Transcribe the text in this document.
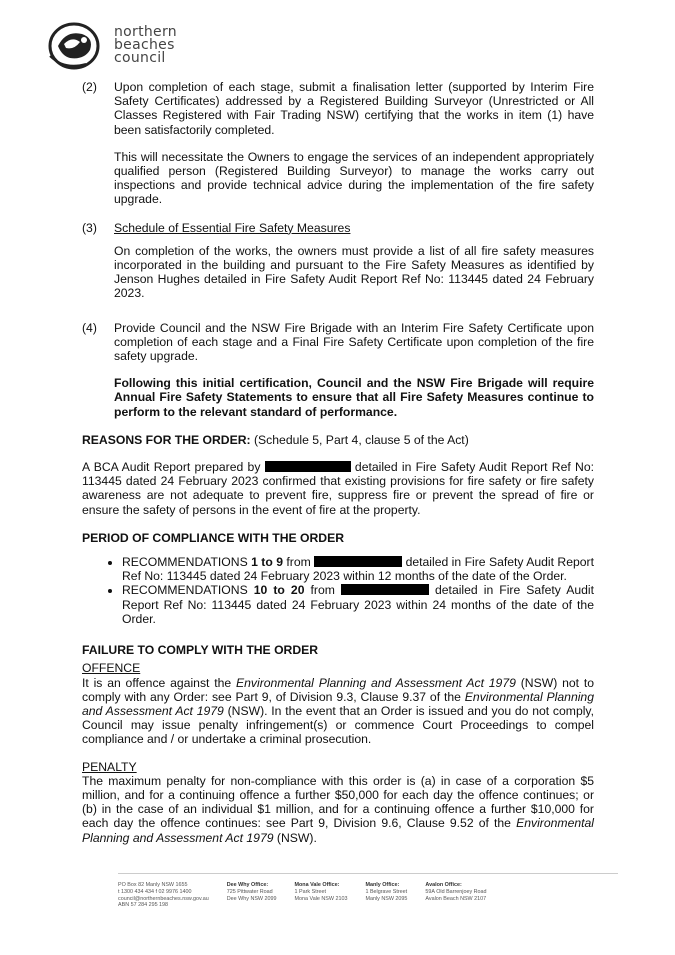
northern
beaches
council
(2)	Upon completion of each stage, submit a finalisation letter (supported by Interim Fire Safety Certificates) addressed by a Registered Building Surveyor (Unrestricted or All Classes Registered with Fair Trading NSW) certifying that the works in item (1) have been satisfactorily completed.

This will necessitate the Owners to engage the services of an independent appropriately qualified person (Registered Building Surveyor) to manage the works carry out inspections and provide technical advice during the implementation of the fire safety upgrade.

(3)	Schedule of Essential Fire Safety Measures

On completion of the works, the owners must provide a list of all fire safety measures incorporated in the building and pursuant to the Fire Safety Measures as identified by Jenson Hughes detailed in Fire Safety Audit Report Ref No: 113445 dated 24 February 2023.

(4)	Provide Council and the NSW Fire Brigade with an Interim Fire Safety Certificate upon completion of each stage and a Final Fire Safety Certificate upon completion of the fire safety upgrade.

Following this initial certification, Council and the NSW Fire Brigade will require Annual Fire Safety Statements to ensure that all Fire Safety Measures continue to perform to the relevant standard of performance.

REASONS FOR THE ORDER: (Schedule 5, Part 4, clause 5 of the Act)

A BCA Audit Report prepared by	detailed in Fire Safety Audit Report Ref No: 113445 dated 24 February 2023 confirmed that existing provisions for fire safety or fire safety awareness are not adequate to prevent fire, suppress fire or prevent the spread of fire or ensure the safety of persons in the event of fire at the property.

PERIOD OF COMPLIANCE WITH THE ORDER

• RECOMMENDATIONS 1 to 9 from	detailed in Fire Safety Audit Report Ref No: 113445 dated 24 February 2023 within 12 months of the date of the Order.
• RECOMMENDATIONS 10 to 20 from	detailed in Fire Safety Audit Report Ref No: 113445 dated 24 February 2023 within 24 months of the date of the Order.

FAILURE TO COMPLY WITH THE ORDER

OFFENCE

It is an offence against the Environmental Planning and Assessment Act 1979 (NSW) not to comply with any Order: see Part 9, of Division 9.3, Clause 9.37 of the Environmental Planning and Assessment Act 1979 (NSW). In the event that an Order is issued and you do not comply, Council may issue penalty infringement(s) or commence Court Proceedings to compel compliance and / or undertake a criminal prosecution.

PENALTY

The maximum penalty for non-compliance with this order is (a) in case of a corporation $5 million, and for a continuing offence a further $50,000 for each day the offence continues; or (b) in the case of an individual $1 million, and for a continuing offence a further $10,000 for each day the offence continues: see Part 9, Division 9.6, Clause 9.52 of the Environmental Planning and Assessment Act 1979 (NSW).

PO Box 82 Manly NSW 1655
t 1300 434 434 f 02 9976 1400
council@northernbeaches.nsw.gov.au
ABN 57 284 295 198
Dee Why Office:
725 Pittwater Road
Dee Why NSW 2099
Mona Vale Office:
1 Park Street
Mona Vale NSW 2103
Manly Office:
1 Belgrave Street
Manly NSW 2095
Avalon Office:
59A Old Barrenjoey Road
Avalon Beach NSW 2107
